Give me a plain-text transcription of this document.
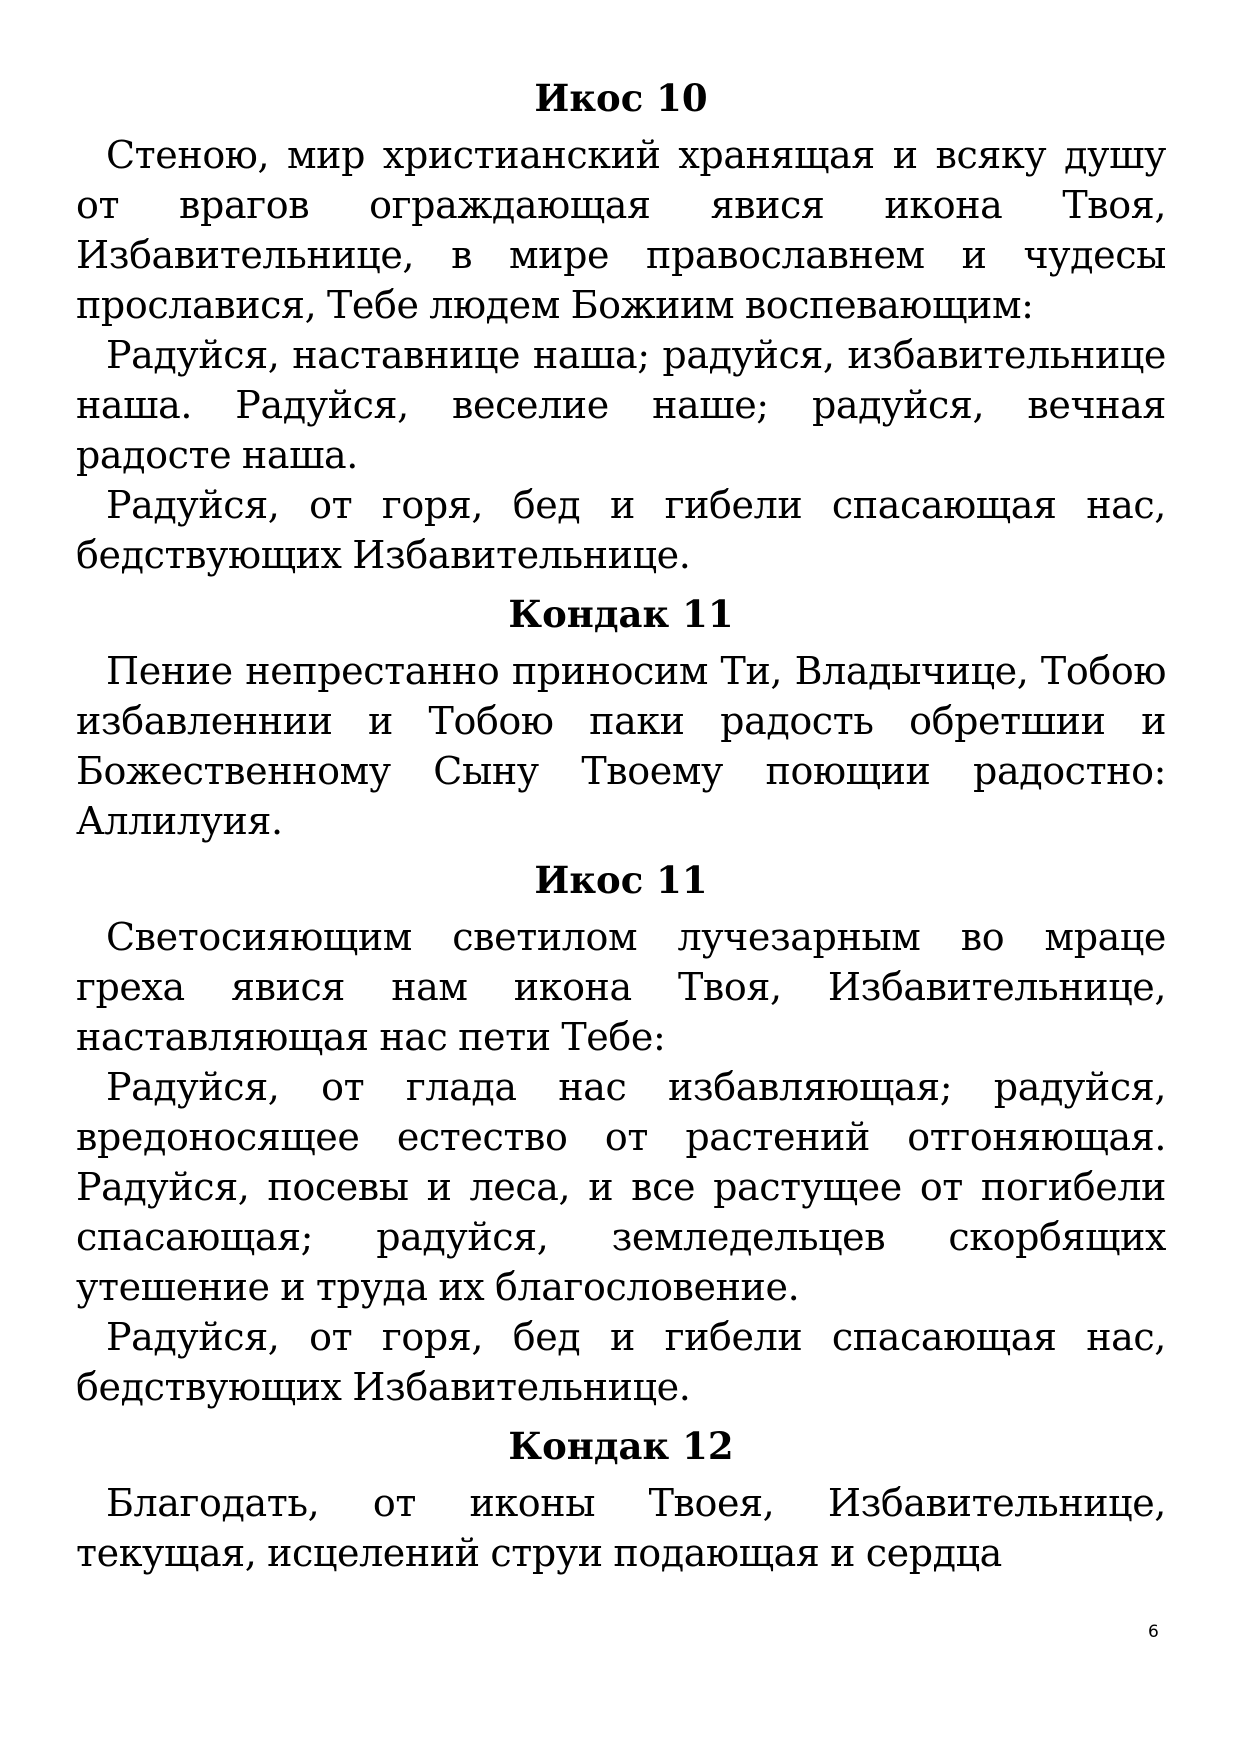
Икос 10

Стеною, мир христианский хранящая и всяку душу от врагов ограждающая явися икона Твоя, Избавительнице, в мире православнем и чудесы прославися, Тебе людем Божиим воспевающим:

Радуйся, наставнице наша; радуйся, избавительнице наша. Радуйся, веселие наше; радуйся, вечная радосте наша.

Радуйся, от горя, бед и гибели спасающая нас, бедствующих Избавительнице.

Кондак 11

Пение непрестанно приносим Ти, Владычице, Тобою избавленнии и Тобою паки радость обретшии и Божественному Сыну Твоему поющии радостно: Аллилуия.

Икос 11

Светосияющим светилом лучезарным во мраце греха явися нам икона Твоя, Избавительнице, наставляющая нас пети Тебе:

Радуйся, от глада нас избавляющая; радуйся, вредоносящее естество от растений отгоняющая. Радуйся, посевы и леса, и все растущее от погибели спасающая; радуйся, земледельцев скорбящих утешение и труда их благословение.

Радуйся, от горя, бед и гибели спасающая нас, бедствующих Избавительнице.

Кондак 12

Благодать, от иконы Твоея, Избавительнице, текущая, исцелений струи подающая и сердца

6
